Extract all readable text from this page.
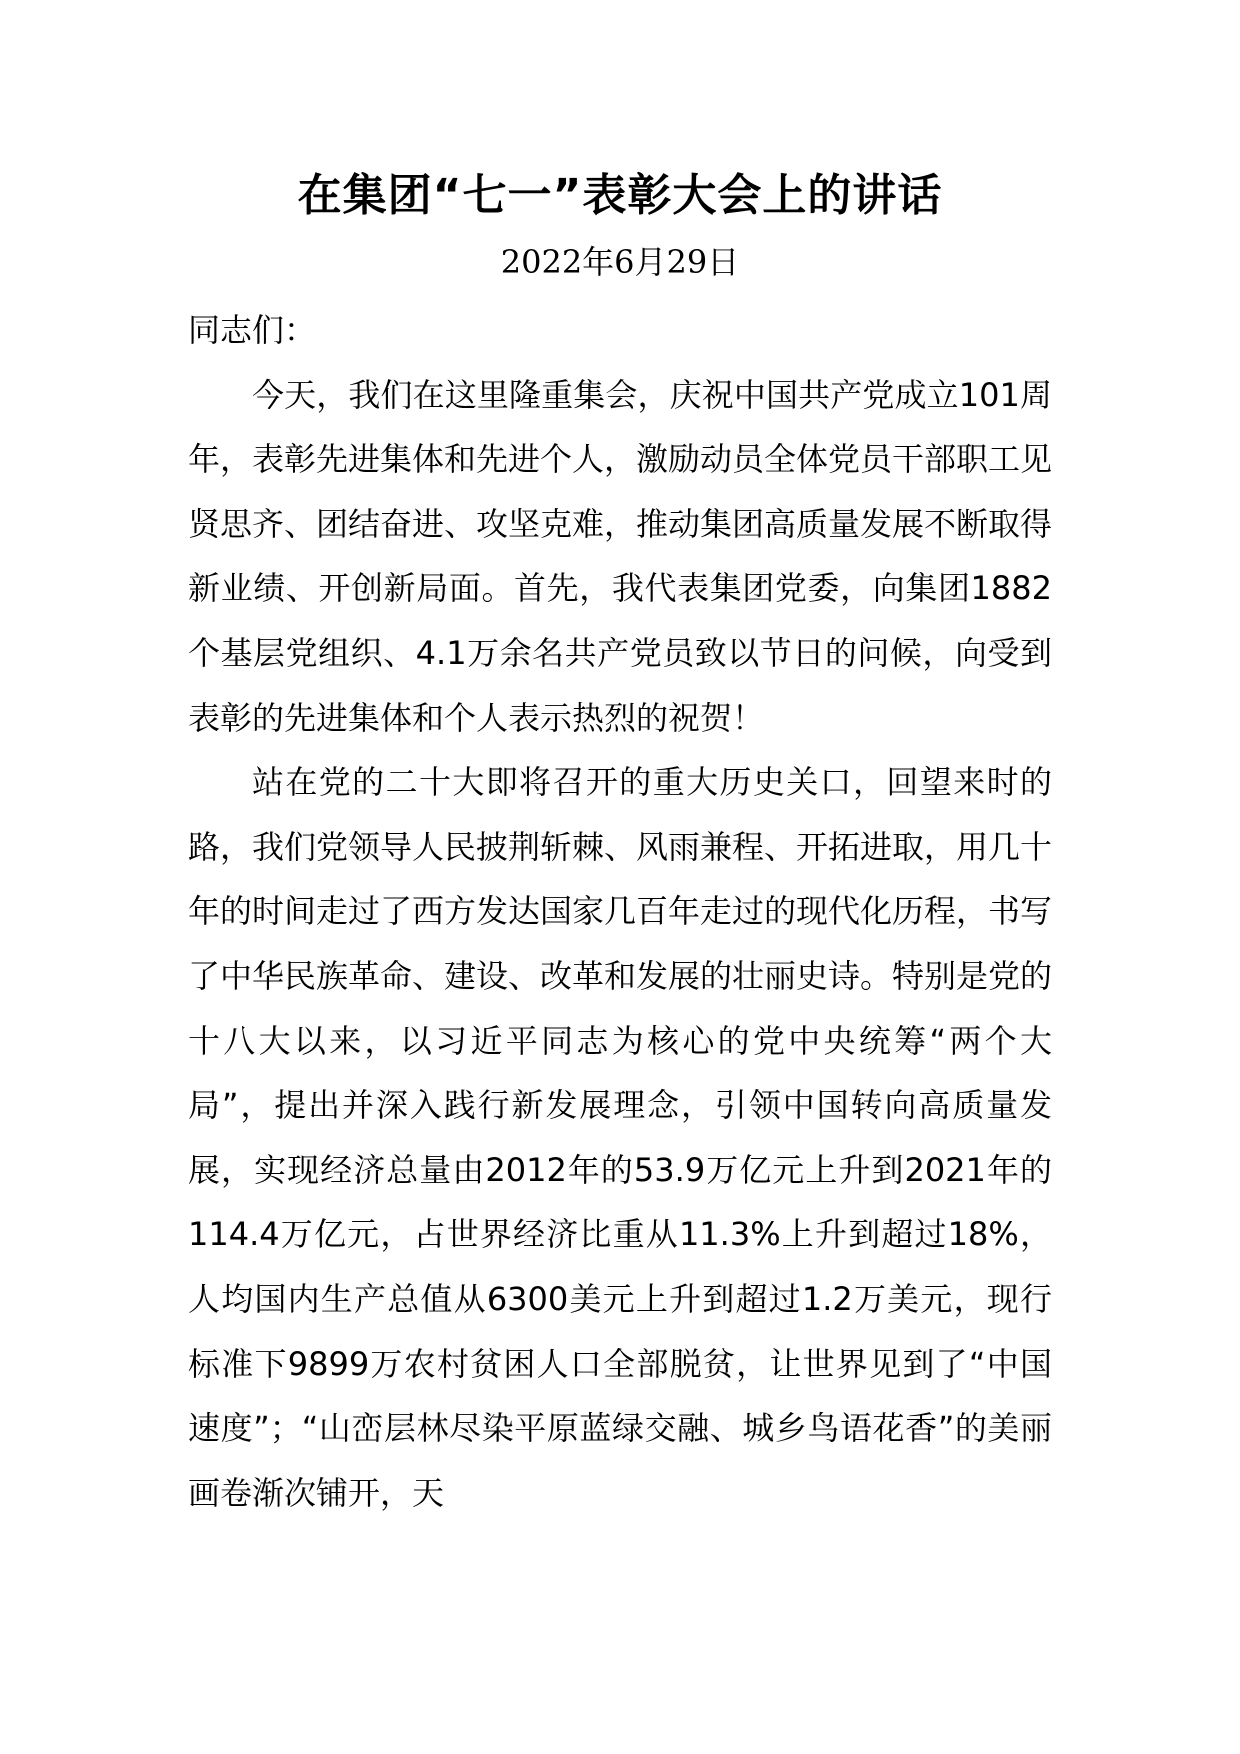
在集团“七一”表彰大会上的讲话
2022年6月29日

同志们：

今天，我们在这里隆重集会，庆祝中国共产党成立101周年，表彰先进集体和先进个人，激励动员全体党员干部职工见贤思齐、团结奋进、攻坚克难，推动集团高质量发展不断取得新业绩、开创新局面。首先，我代表集团党委，向集团1882个基层党组织、4.1万余名共产党员致以节日的问候，向受到表彰的先进集体和个人表示热烈的祝贺！

站在党的二十大即将召开的重大历史关口，回望来时的路，我们党领导人民披荆斩棘、风雨兼程、开拓进取，用几十年的时间走过了西方发达国家几百年走过的现代化历程，书写了中华民族革命、建设、改革和发展的壮丽史诗。特别是党的十八大以来，以习近平同志为核心的党中央统筹“两个大局”，提出并深入践行新发展理念，引领中国转向高质量发展，实现经济总量由2012年的53.9万亿元上升到2021年的114.4万亿元，占世界经济比重从11.3%上升到超过18%，人均国内生产总值从6300美元上升到超过1.2万美元，现行标准下9899万农村贫困人口全部脱贫，让世界见到了“中国速度”；“山峦层林尽染平原蓝绿交融、城乡鸟语花香”的美丽画卷渐次铺开，天
